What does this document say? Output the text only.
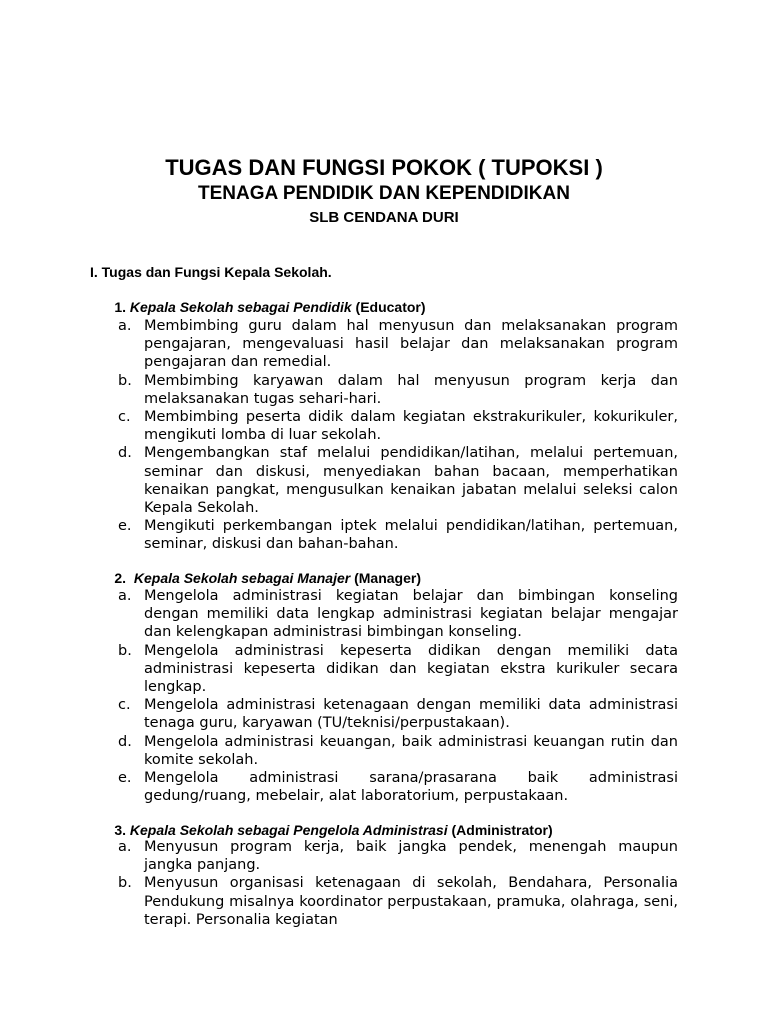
TUGAS DAN FUNGSI POKOK ( TUPOKSI )
TENAGA PENDIDIK DAN KEPENDIDIKAN
SLB CENDANA DURI
I. Tugas dan Fungsi Kepala Sekolah.
1. Kepala Sekolah sebagai Pendidik (Educator)
a. Membimbing guru dalam hal menyusun dan melaksanakan program pengajaran, mengevaluasi hasil belajar dan melaksanakan program pengajaran dan remedial.
b. Membimbing karyawan dalam hal menyusun program kerja dan melaksanakan tugas sehari-hari.
c. Membimbing peserta didik dalam kegiatan ekstrakurikuler, kokurikuler, mengikuti lomba di luar sekolah.
d. Mengembangkan staf melalui pendidikan/latihan, melalui pertemuan, seminar dan diskusi, menyediakan bahan bacaan, memperhatikan kenaikan pangkat, mengusulkan kenaikan jabatan melalui seleksi calon Kepala Sekolah.
e. Mengikuti perkembangan iptek melalui pendidikan/latihan, pertemuan, seminar, diskusi dan bahan-bahan.
2. Kepala Sekolah sebagai Manajer (Manager)
a. Mengelola administrasi kegiatan belajar dan bimbingan konseling dengan memiliki data lengkap administrasi kegiatan belajar mengajar dan kelengkapan administrasi bimbingan konseling.
b. Mengelola administrasi kepeserta didikan dengan memiliki data administrasi kepeserta didikan dan kegiatan ekstra kurikuler secara lengkap.
c. Mengelola administrasi ketenagaan dengan memiliki data administrasi tenaga guru, karyawan (TU/teknisi/perpustakaan).
d. Mengelola administrasi keuangan, baik administrasi keuangan rutin dan komite sekolah.
e. Mengelola administrasi sarana/prasarana baik administrasi gedung/ruang, mebelair, alat laboratorium, perpustakaan.
3. Kepala Sekolah sebagai Pengelola Administrasi (Administrator)
a. Menyusun program kerja, baik jangka pendek, menengah maupun jangka panjang.
b. Menyusun organisasi ketenagaan di sekolah, Bendahara, Personalia Pendukung misalnya koordinator perpustakaan, pramuka, olahraga, seni, terapi. Personalia kegiatan
